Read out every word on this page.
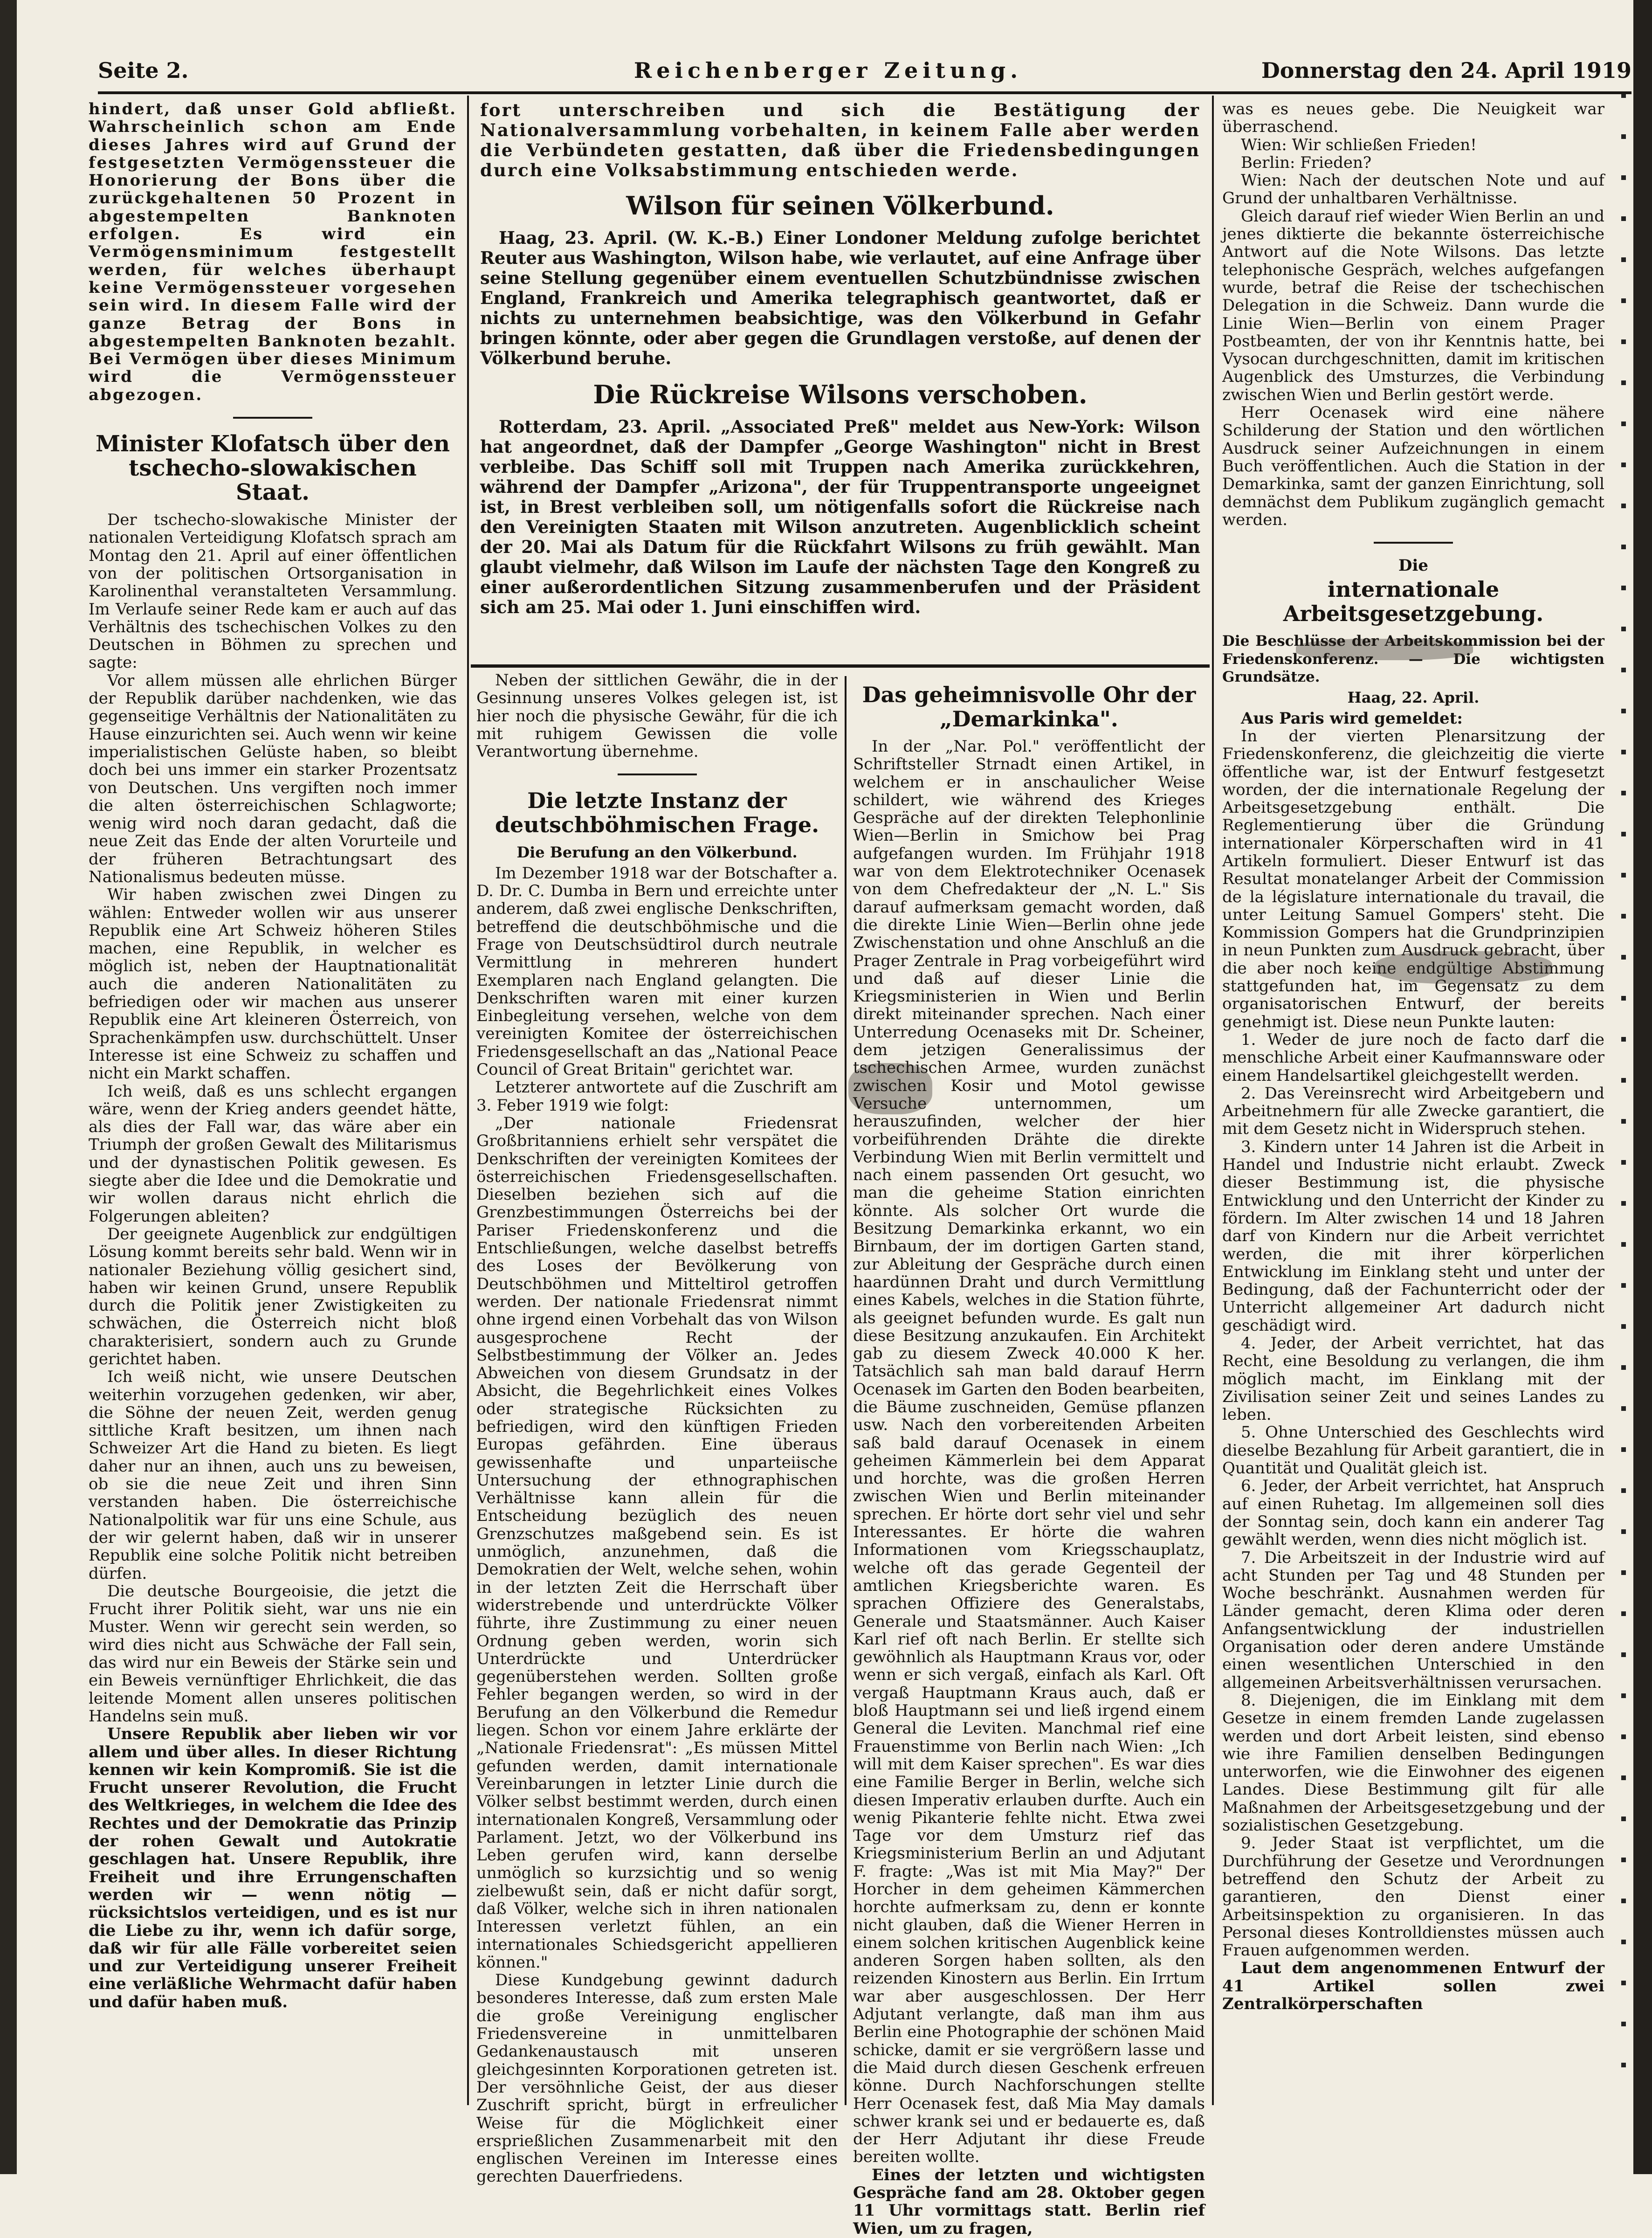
Seite 2.	Reichenberger Zeitung.	Donnerstag den 24. April 1919

hindert, daß unser Gold abfließt. Wahrscheinlich schon am Ende dieses Jahres wird auf Grund der festgesetzten Vermögenssteuer die Honorierung der Bons über die zurückgehaltenen 50 Prozent in abgestempelten Banknoten erfolgen. Es wird ein Vermögensminimum festgestellt werden, für welches überhaupt keine Vermögenssteuer vorgesehen sein wird. In diesem Falle wird der ganze Betrag der Bons in abgestempelten Banknoten bezahlt. Bei Vermögen über dieses Minimum wird die Vermögenssteuer abgezogen.

Minister Klofatsch über den tschecho-slowakischen Staat.

Der tschecho-slowakische Minister der nationalen Verteidigung Klofatsch sprach am Montag den 21. April auf einer öffentlichen von der politischen Ortsorganisation in Karolinenthal veranstalteten Versammlung. Im Verlaufe seiner Rede kam er auch auf das Verhältnis des tschechischen Volkes zu den Deutschen in Böhmen zu sprechen und sagte:

Vor allem müssen alle ehrlichen Bürger der Republik darüber nachdenken, wie das gegenseitige Verhältnis der Nationalitäten zu Hause einzurichten sei. Auch wenn wir keine imperialistischen Gelüste haben, so bleibt doch bei uns immer ein starker Prozentsatz von Deutschen. Uns vergiften noch immer die alten österreichischen Schlagworte; wenig wird noch daran gedacht, daß die neue Zeit das Ende der alten Vorurteile und der früheren Betrachtungsart des Nationalismus bedeuten müsse.

Wir haben zwischen zwei Dingen zu wählen: Entweder wollen wir aus unserer Republik eine Art Schweiz höheren Stiles machen, eine Republik, in welcher es möglich ist, neben der Hauptnationalität auch die anderen Nationalitäten zu befriedigen oder wir machen aus unserer Republik eine Art kleineren Österreich, von Sprachenkämpfen usw. durchschüttelt. Unser Interesse ist eine Schweiz zu schaffen und nicht ein Markt schaffen.

Ich weiß, daß es uns schlecht ergangen wäre, wenn der Krieg anders geendet hätte, als dies der Fall war, das wäre aber ein Triumph der großen Gewalt des Militarismus und der dynastischen Politik gewesen. Es siegte aber die Idee und die Demokratie und wir wollen daraus nicht ehrlich die Folgerungen ableiten?

Der geeignete Augenblick zur endgültigen Lösung kommt bereits sehr bald. Wenn wir in nationaler Beziehung völlig gesichert sind, haben wir keinen Grund, unsere Republik durch die Politik jener Zwistigkeiten zu schwächen, die Österreich nicht bloß charakterisiert, sondern auch zu Grunde gerichtet haben.

Ich weiß nicht, wie unsere Deutschen weiterhin vorzugehen gedenken, wir aber, die Söhne der neuen Zeit, werden genug sittliche Kraft besitzen, um ihnen nach Schweizer Art die Hand zu bieten. Es liegt daher nur an ihnen, auch uns zu beweisen, ob sie die neue Zeit und ihren Sinn verstanden haben. Die österreichische Nationalpolitik war für uns eine Schule, aus der wir gelernt haben, daß wir in unserer Republik eine solche Politik nicht betreiben dürfen.

Die deutsche Bourgeoisie, die jetzt die Frucht ihrer Politik sieht, war uns nie ein Muster. Wenn wir gerecht sein werden, so wird dies nicht aus Schwäche der Fall sein, das wird nur ein Beweis der Stärke sein und ein Beweis vernünftiger Ehrlichkeit, die das leitende Moment allen unseres politischen Handelns sein muß.

Unsere Republik aber lieben wir vor allem und über alles. In dieser Richtung kennen wir kein Kompromiß. Sie ist die Frucht unserer Revolution, die Frucht des Weltkrieges, in welchem die Idee des Rechtes und der Demokratie das Prinzip der rohen Gewalt und Autokratie geschlagen hat. Unsere Republik, ihre Freiheit und ihre Errungenschaften werden wir — wenn nötig — rücksichtslos verteidigen, und es ist nur die Liebe zu ihr, wenn ich dafür sorge, daß wir für alle Fälle vorbereitet seien und zur Verteidigung unserer Freiheit eine verläßliche Wehrmacht dafür haben und dafür haben muß.

fort unterschreiben und sich die Bestätigung der Nationalversammlung vorbehalten, in keinem Falle aber werden die Verbündeten gestatten, daß über die Friedensbedingungen durch eine Volksabstimmung entschieden werde.

Wilson für seinen Völkerbund.

Haag, 23. April. (W. K.-B.) Einer Londoner Meldung zufolge berichtet Reuter aus Washington, Wilson habe, wie verlautet, auf eine Anfrage über seine Stellung gegenüber einem eventuellen Schutzbündnisse zwischen England, Frankreich und Amerika telegraphisch geantwortet, daß er nichts zu unternehmen beabsichtige, was den Völkerbund in Gefahr bringen könnte, oder aber gegen die Grundlagen verstoße, auf denen der Völkerbund beruhe.

Die Rückreise Wilsons verschoben.

Rotterdam, 23. April. „Associated Preß" meldet aus New-York: Wilson hat angeordnet, daß der Dampfer „George Washington" nicht in Brest verbleibe. Das Schiff soll mit Truppen nach Amerika zurückkehren, während der Dampfer „Arizona", der für Truppentransporte ungeeignet ist, in Brest verbleiben soll, um nötigenfalls sofort die Rückreise nach den Vereinigten Staaten mit Wilson anzutreten. Augenblicklich scheint der 20. Mai als Datum für die Rückfahrt Wilsons zu früh gewählt. Man glaubt vielmehr, daß Wilson im Laufe der nächsten Tage den Kongreß zu einer außerordentlichen Sitzung zusammenberufen und der Präsident sich am 25. Mai oder 1. Juni einschiffen wird.

Neben der sittlichen Gewähr, die in der Gesinnung unseres Volkes gelegen ist, ist hier noch die physische Gewähr, für die ich mit ruhigem Gewissen die volle Verantwortung übernehme.

Die letzte Instanz der deutschböhmischen Frage.
Die Berufung an den Völkerbund.

Im Dezember 1918 war der Botschafter a. D. Dr. C. Dumba in Bern und erreichte unter anderem, daß zwei englische Denkschriften, betreffend die deutschböhmische und die Frage von Deutschsüdtirol durch neutrale Vermittlung in mehreren hundert Exemplaren nach England gelangten. Die Denkschriften waren mit einer kurzen Einbegleitung versehen, welche von dem vereinigten Komitee der österreichischen Friedensgesellschaft an das „National Peace Council of Great Britain" gerichtet war.

Letzterer antwortete auf die Zuschrift am 3. Feber 1919 wie folgt:

„Der nationale Friedensrat Großbritanniens erhielt sehr verspätet die Denkschriften der vereinigten Komitees der österreichischen Friedensgesellschaften. Dieselben beziehen sich auf die Grenzbestimmungen Österreichs bei der Pariser Friedenskonferenz und die Entschließungen, welche daselbst betreffs des Loses der Bevölkerung von Deutschböhmen und Mitteltirol getroffen werden. Der nationale Friedensrat nimmt ohne irgend einen Vorbehalt das von Wilson ausgesprochene Recht der Selbstbestimmung der Völker an. Jedes Abweichen von diesem Grundsatz in der Absicht, die Begehrlichkeit eines Volkes oder strategische Rücksichten zu befriedigen, wird den künftigen Frieden Europas gefährden. Eine überaus gewissenhafte und unparteiische Untersuchung der ethnographischen Verhältnisse kann allein für die Entscheidung bezüglich des neuen Grenzschutzes maßgebend sein. Es ist unmöglich, anzunehmen, daß die Demokratien der Welt, welche sehen, wohin in der letzten Zeit die Herrschaft über widerstrebende und unterdrückte Völker führte, ihre Zustimmung zu einer neuen Ordnung geben werden, worin sich Unterdrückte und Unterdrücker gegenüberstehen werden. Sollten große Fehler begangen werden, so wird in der Berufung an den Völkerbund die Remedur liegen. Schon vor einem Jahre erklärte der „Nationale Friedensrat": „Es müssen Mittel gefunden werden, damit internationale Vereinbarungen in letzter Linie durch die Völker selbst bestimmt werden, durch einen internationalen Kongreß, Versammlung oder Parlament. Jetzt, wo der Völkerbund ins Leben gerufen wird, kann derselbe unmöglich so kurzsichtig und so wenig zielbewußt sein, daß er nicht dafür sorgt, daß Völker, welche sich in ihren nationalen Interessen verletzt fühlen, an ein internationales Schiedsgericht appellieren können."

Diese Kundgebung gewinnt dadurch besonderes Interesse, daß zum ersten Male die große Vereinigung englischer Friedensvereine in unmittelbaren Gedankenaustausch mit unseren gleichgesinnten Korporationen getreten ist. Der versöhnliche Geist, der aus dieser Zuschrift spricht, bürgt in erfreulicher Weise für die Möglichkeit einer ersprießlichen Zusammenarbeit mit den englischen Vereinen im Interesse eines gerechten Dauerfriedens.

Das geheimnisvolle Ohr der „Demarkinka".

In der „Nar. Pol." veröffentlicht der Schriftsteller Strnadt einen Artikel, in welchem er in anschaulicher Weise schildert, wie während des Krieges Gespräche auf der direkten Telephonlinie Wien—Berlin in Smichow bei Prag aufgefangen wurden. Im Frühjahr 1918 war von dem Elektrotechniker Ocenasek von dem Chefredakteur der „N. L." Sis darauf aufmerksam gemacht worden, daß die direkte Linie Wien—Berlin ohne jede Zwischenstation und ohne Anschluß an die Prager Zentrale in Prag vorbeigeführt wird und daß auf dieser Linie die Kriegsministerien in Wien und Berlin direkt miteinander sprechen. Nach einer Unterredung Ocenaseks mit Dr. Scheiner, dem jetzigen Generalissimus der tschechischen Armee, wurden zunächst zwischen Kosir und Motol gewisse Versuche unternommen, um herauszufinden, welcher der hier vorbeiführenden Drähte die direkte Verbindung Wien mit Berlin vermittelt und nach einem passenden Ort gesucht, wo man die geheime Station einrichten könnte. Als solcher Ort wurde die Besitzung Demarkinka erkannt, wo ein Birnbaum, der im dortigen Garten stand, zur Ableitung der Gespräche durch einen haardünnen Draht und durch Vermittlung eines Kabels, welches in die Station führte, als geeignet befunden wurde. Es galt nun diese Besitzung anzukaufen. Ein Architekt gab zu diesem Zweck 40.000 K her. Tatsächlich sah man bald darauf Herrn Ocenasek im Garten den Boden bearbeiten, die Bäume zuschneiden, Gemüse pflanzen usw. Nach den vorbereitenden Arbeiten saß bald darauf Ocenasek in einem geheimen Kämmerlein bei dem Apparat und horchte, was die großen Herren zwischen Wien und Berlin miteinander sprechen. Er hörte dort sehr viel und sehr Interessantes. Er hörte die wahren Informationen vom Kriegsschauplatz, welche oft das gerade Gegenteil der amtlichen Kriegsberichte waren. Es sprachen Offiziere des Generalstabs, Generale und Staatsmänner. Auch Kaiser Karl rief oft nach Berlin. Er stellte sich gewöhnlich als Hauptmann Kraus vor, oder wenn er sich vergaß, einfach als Karl. Oft vergaß Hauptmann Kraus auch, daß er bloß Hauptmann sei und ließ irgend einem General die Leviten. Manchmal rief eine Frauenstimme von Berlin nach Wien: „Ich will mit dem Kaiser sprechen". Es war dies eine Familie Berger in Berlin, welche sich diesen Imperativ erlauben durfte. Auch ein wenig Pikanterie fehlte nicht. Etwa zwei Tage vor dem Umsturz rief das Kriegsministerium Berlin an und Adjutant F. fragte: „Was ist mit Mia May?" Der Horcher in dem geheimen Kämmerchen horchte aufmerksam zu, denn er konnte nicht glauben, daß die Wiener Herren in einem solchen kritischen Augenblick keine anderen Sorgen haben sollten, als den reizenden Kinostern aus Berlin. Ein Irrtum war aber ausgeschlossen. Der Herr Adjutant verlangte, daß man ihm aus Berlin eine Photographie der schönen Maid schicke, damit er sie vergrößern lasse und die Maid durch diesen Geschenk erfreuen könne. Durch Nachforschungen stellte Herr Ocenasek fest, daß Mia May damals schwer krank sei und er bedauerte es, daß der Herr Adjutant ihr diese Freude bereiten wollte.

Eines der letzten und wichtigsten Gespräche fand am 28. Oktober gegen 11 Uhr vormittags statt. Berlin rief Wien, um zu fragen,

was es neues gebe. Die Neuigkeit war überraschend.

Wien: Wir schließen Frieden!

Berlin: Frieden?

Wien: Nach der deutschen Note und auf Grund der unhaltbaren Verhältnisse.

Gleich darauf rief wieder Wien Berlin an und jenes diktierte die bekannte österreichische Antwort auf die Note Wilsons. Das letzte telephonische Gespräch, welches aufgefangen wurde, betraf die Reise der tschechischen Delegation in die Schweiz. Dann wurde die Linie Wien—Berlin von einem Prager Postbeamten, der von ihr Kenntnis hatte, bei Vysocan durchgeschnitten, damit im kritischen Augenblick des Umsturzes, die Verbindung zwischen Wien und Berlin gestört werde.

Herr Ocenasek wird eine nähere Schilderung der Station und den wörtlichen Ausdruck seiner Aufzeichnungen in einem Buch veröffentlichen. Auch die Station in der Demarkinka, samt der ganzen Einrichtung, soll demnächst dem Publikum zugänglich gemacht werden.

Die
internationale Arbeitsgesetzgebung.
Die Beschlüsse der Arbeitskommission bei der Friedenskonferenz. — Die wichtigsten Grundsätze.
Haag, 22. April.

Aus Paris wird gemeldet:

In der vierten Plenarsitzung der Friedenskonferenz, die gleichzeitig die vierte öffentliche war, ist der Entwurf festgesetzt worden, der die internationale Regelung der Arbeitsgesetzgebung enthält. Die Reglementierung über die Gründung internationaler Körperschaften wird in 41 Artikeln formuliert. Dieser Entwurf ist das Resultat monatelanger Arbeit der Commission de la législature internationale du travail, die unter Leitung Samuel Gompers' steht. Die Kommission Gompers hat die Grundprinzipien in neun Punkten zum Ausdruck gebracht, über die aber noch keine endgültige Abstimmung stattgefunden hat, im Gegensatz zu dem organisatorischen Entwurf, der bereits genehmigt ist. Diese neun Punkte lauten:

1. Weder de jure noch de facto darf die menschliche Arbeit einer Kaufmannsware oder einem Handelsartikel gleichgestellt werden.

2. Das Vereinsrecht wird Arbeitgebern und Arbeitnehmern für alle Zwecke garantiert, die mit dem Gesetz nicht in Widerspruch stehen.

3. Kindern unter 14 Jahren ist die Arbeit in Handel und Industrie nicht erlaubt. Zweck dieser Bestimmung ist, die physische Entwicklung und den Unterricht der Kinder zu fördern. Im Alter zwischen 14 und 18 Jahren darf von Kindern nur die Arbeit verrichtet werden, die mit ihrer körperlichen Entwicklung im Einklang steht und unter der Bedingung, daß der Fachunterricht oder der Unterricht allgemeiner Art dadurch nicht geschädigt wird.

4. Jeder, der Arbeit verrichtet, hat das Recht, eine Besoldung zu verlangen, die ihm möglich macht, im Einklang mit der Zivilisation seiner Zeit und seines Landes zu leben.

5. Ohne Unterschied des Geschlechts wird dieselbe Bezahlung für Arbeit garantiert, die in Quantität und Qualität gleich ist.

6. Jeder, der Arbeit verrichtet, hat Anspruch auf einen Ruhetag. Im allgemeinen soll dies der Sonntag sein, doch kann ein anderer Tag gewählt werden, wenn dies nicht möglich ist.

7. Die Arbeitszeit in der Industrie wird auf acht Stunden per Tag und 48 Stunden per Woche beschränkt. Ausnahmen werden für Länder gemacht, deren Klima oder deren Anfangsentwicklung der industriellen Organisation oder deren andere Umstände einen wesentlichen Unterschied in den allgemeinen Arbeitsverhältnissen verursachen.

8. Diejenigen, die im Einklang mit dem Gesetze in einem fremden Lande zugelassen werden und dort Arbeit leisten, sind ebenso wie ihre Familien denselben Bedingungen unterworfen, wie die Einwohner des eigenen Landes. Diese Bestimmung gilt für alle Maßnahmen der Arbeitsgesetzgebung und der sozialistischen Gesetzgebung.

9. Jeder Staat ist verpflichtet, um die Durchführung der Gesetze und Verordnungen betreffend den Schutz der Arbeit zu garantieren, den Dienst einer Arbeitsinspektion zu organisieren. In das Personal dieses Kontrolldienstes müssen auch Frauen aufgenommen werden.

Laut dem angenommenen Entwurf der 41 Artikel sollen zwei Zentralkörperschaften
